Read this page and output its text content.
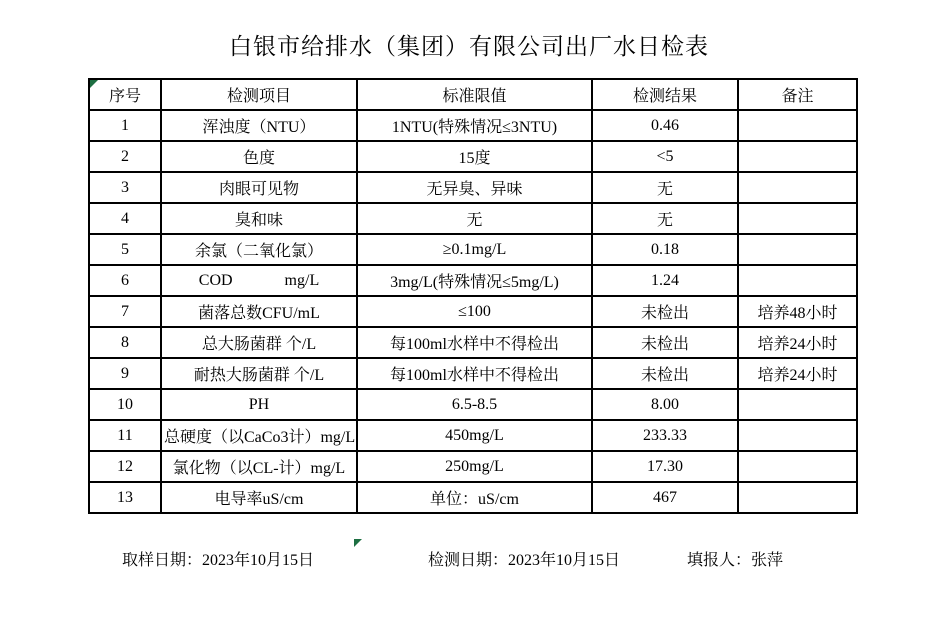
白银市给排水（集团）有限公司出厂水日检表
序号	检测项目	标准限值	检测结果	备注
1	浑浊度（NTU）	1NTU(特殊情况≤3NTU)	0.46	
2	色度	15度	<5	
3	肉眼可见物	无异臭、异味	无	
4	臭和味	无	无	
5	余氯（二氧化氯）	≥0.1mg/L	0.18	
6	COD             mg/L	3mg/L(特殊情况≤5mg/L)	1.24	
7	菌落总数CFU/mL	≤100	未检出	培养48小时
8	总大肠菌群 个/L	每100ml水样中不得检出	未检出	培养24小时
9	耐热大肠菌群 个/L	每100ml水样中不得检出	未检出	培养24小时
10	PH	6.5-8.5	8.00	
11	总硬度（以CaCo3计）mg/L	450mg/L	233.33	
12	氯化物（以CL-计）mg/L	250mg/L	17.30	
13	电导率uS/cm	单位：uS/cm	467	
取样日期：2023年10月15日	检测日期：2023年10月15日	填报人：张萍
